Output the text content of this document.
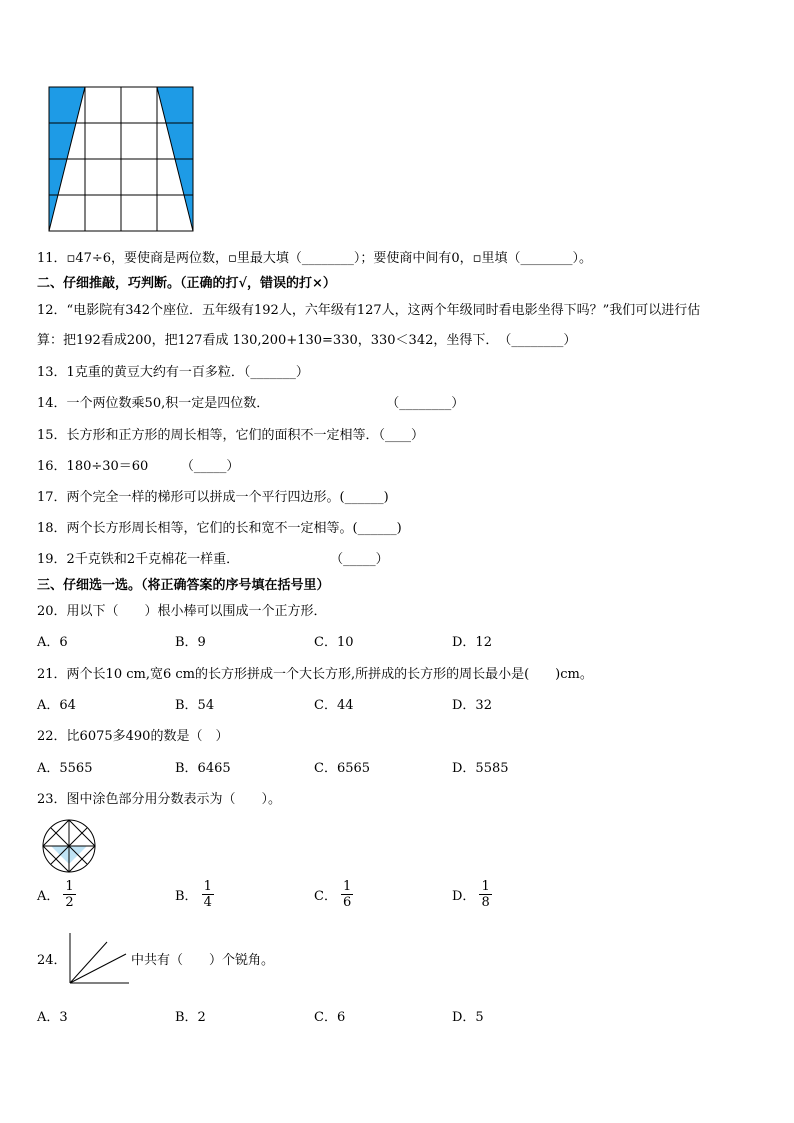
11．▫47÷6，要使商是两位数，▫里最大填（________）；要使商中间有0，▫里填（________）。
二、仔细推敲，巧判断。（正确的打√，错误的打×）
12．“电影院有342个座位．五年级有192人，六年级有127人，这两个年级同时看电影坐得下吗？”我们可以进行估
算：把192看成200，把127看成 130,200+130=330，330＜342，坐得下．　（________）
13．1克重的黄豆大约有一百多粒．（_______）
14．一个两位数乘50,积一定是四位数．　　　　　　　　　　（________）
15．长方形和正方形的周长相等，它们的面积不一定相等．（____）
16．180÷30＝60　　　（_____）
17．两个完全一样的梯形可以拼成一个平行四边形。(______)
18．两个长方形周长相等，它们的长和宽不一定相等。(______)
19．2千克铁和2千克棉花一样重．　　　　　　　　（_____）
三、仔细选一选。（将正确答案的序号填在括号里）
20．用以下（　　）根小棒可以围成一个正方形．
A．6	B．9	C．10	D．12
21．两个长10 cm,宽6 cm的长方形拼成一个大长方形,所拼成的长方形的周长最小是(　　)cm。
A．64	B．54	C．44	D．32
22．比6075多490的数是（　）
A．5565	B．6465	C．6565	D．5585
23．图中涂色部分用分数表示为（　　）。
A． $\frac{1}{2}$	B． $\frac{1}{4}$	C． $\frac{1}{6}$	D． $\frac{1}{8}$
24．	中共有（　　）个锐角。
A．3	B．2	C．6	D．5
